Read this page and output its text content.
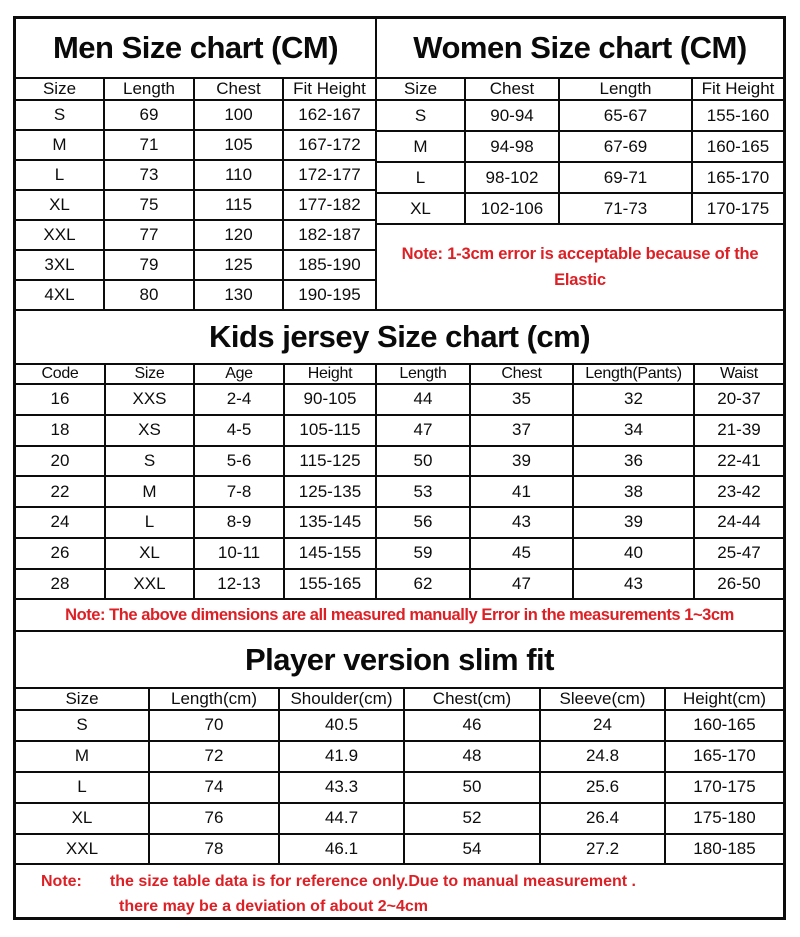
Men Size chart (CM)
Size	Length	Chest	Fit Height
S	69	100	162-167
M	71	105	167-172
L	73	110	172-177
XL	75	115	177-182
XXL	77	120	182-187
3XL	79	125	185-190
4XL	80	130	190-195
Women Size chart (CM)
Size	Chest	Length	Fit Height
S	90-94	65-67	155-160
M	94-98	67-69	160-165
L	98-102	69-71	165-170
XL	102-106	71-73	170-175
Note: 1-3cm error is acceptable because of the
Elastic
Kids jersey Size chart (cm)
Code	Size	Age	Height	Length	Chest	Length(Pants)	Waist
16	XXS	2-4	90-105	44	35	32	20-37
18	XS	4-5	105-115	47	37	34	21-39
20	S	5-6	115-125	50	39	36	22-41
22	M	7-8	125-135	53	41	38	23-42
24	L	8-9	135-145	56	43	39	24-44
26	XL	10-11	145-155	59	45	40	25-47
28	XXL	12-13	155-165	62	47	43	26-50
Note: The above dimensions are all measured manually Error in the measurements 1~3cm
Player version slim fit
Size	Length(cm)	Shoulder(cm)	Chest(cm)	Sleeve(cm)	Height(cm)
S	70	40.5	46	24	160-165
M	72	41.9	48	24.8	165-170
L	74	43.3	50	25.6	170-175
XL	76	44.7	52	26.4	175-180
XXL	78	46.1	54	27.2	180-185
Note: the size table data is for reference only.Due to manual measurement .
there may be a deviation of about 2~4cm
